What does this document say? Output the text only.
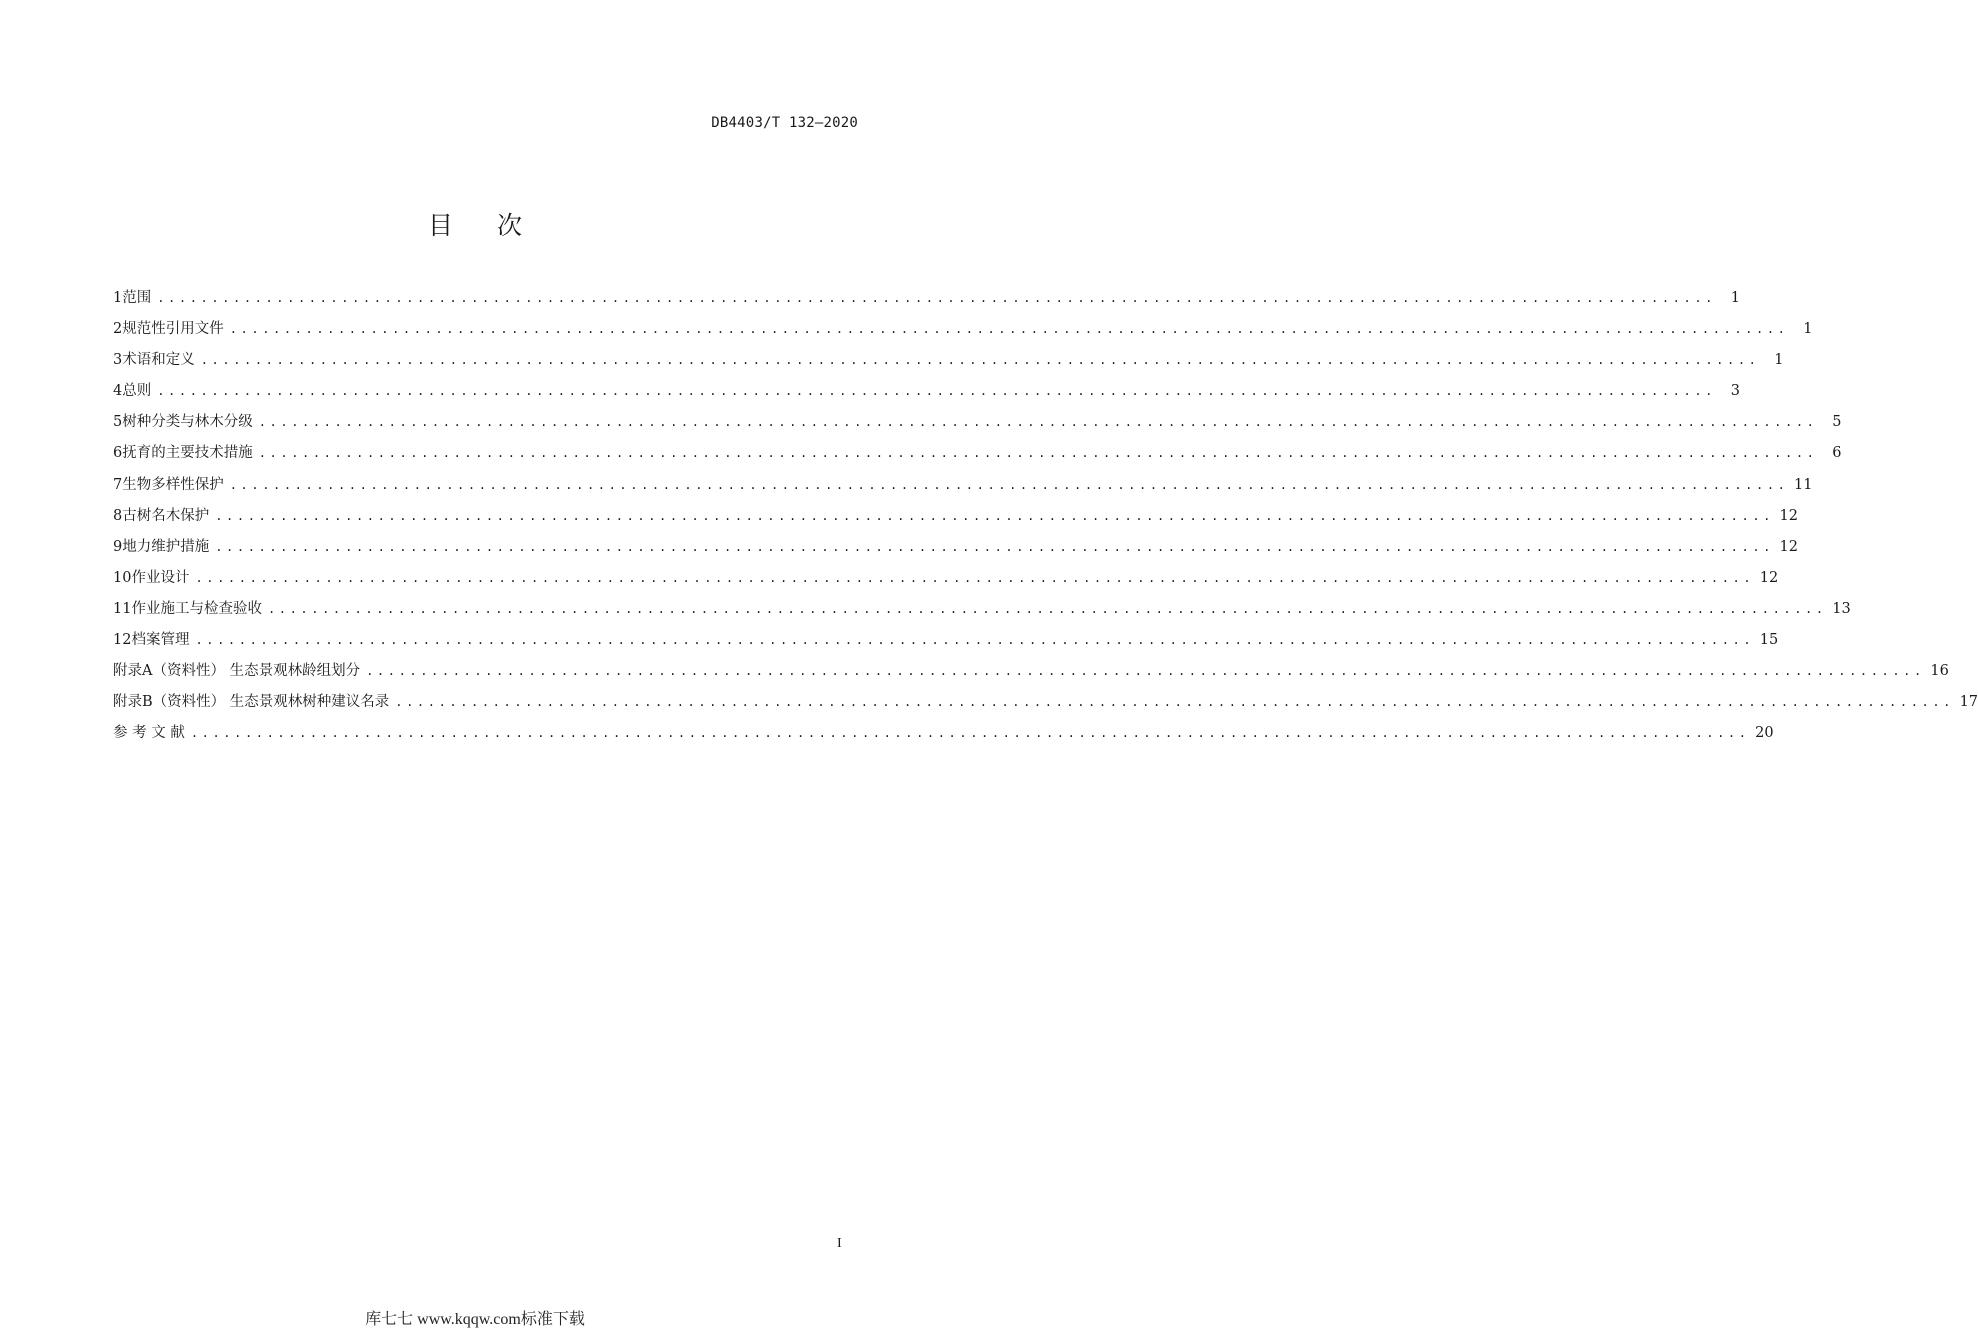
DB4403/T 132—2020
目 次
1 范围 ................................................................................................................................................	1
2 规范性引用文件 ................................................................................................................................................	1
3 术语和定义 ................................................................................................................................................	1
4 总则 ................................................................................................................................................	3
5 树种分类与林木分级 ................................................................................................................................................	5
6 抚育的主要技术措施 ................................................................................................................................................	6
7 生物多样性保护 ................................................................................................................................................ 11
8 古树名木保护 ................................................................................................................................................ 12
9 地力维护措施 ................................................................................................................................................ 12
10 作业设计 ................................................................................................................................................ 12
11 作业施工与检查验收 ................................................................................................................................................ 13
12 档案管理 ................................................................................................................................................ 15
附录A （资料性） 生态景观林龄组划分 ................................................................................................................................................ 16
附录B （资料性） 生态景观林树种建议名录 ................................................................................................................................................ 17
参 考 文 献 ................................................................................................................................................ 20
I
库七七 www.kqqw.com标准下载
